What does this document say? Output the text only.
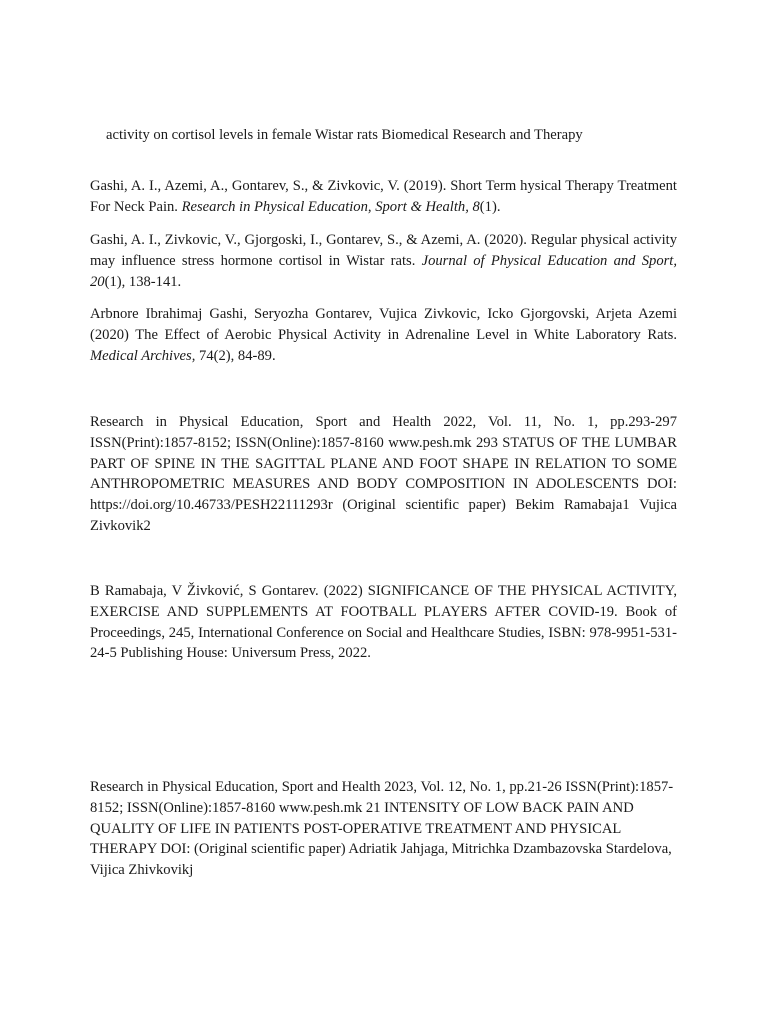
activity on cortisol levels in female Wistar rats Biomedical Research and Therapy

Gashi, A. I., Azemi, A., Gontarev, S., & Zivkovic, V. (2019). Short Term hysical Therapy Treatment For Neck Pain. Research in Physical Education, Sport & Health, 8(1).

Gashi, A. I., Zivkovic, V., Gjorgoski, I., Gontarev, S., & Azemi, A. (2020). Regular physical activity may influence stress hormone cortisol in Wistar rats. Journal of Physical Education and Sport, 20(1), 138-141.

Arbnore Ibrahimaj Gashi, Seryozha Gontarev, Vujica Zivkovic, Icko Gjorgovski, Arjeta Azemi (2020) The Effect of Aerobic Physical Activity in Adrenaline Level in White Laboratory Rats. Medical Archives, 74(2), 84-89.

Research in Physical Education, Sport and Health 2022, Vol. 11, No. 1, pp.293-297 ISSN(Print):1857-8152; ISSN(Online):1857-8160 www.pesh.mk 293 STATUS OF THE LUMBAR PART OF SPINE IN THE SAGITTAL PLANE AND FOOT SHAPE IN RELATION TO SOME ANTHROPOMETRIC MEASURES AND BODY COMPOSITION IN ADOLESCENTS DOI: https://doi.org/10.46733/PESH22111293r (Original scientific paper) Bekim Ramabaja1 Vujica Zivkovik2

B Ramabaja, V Živković, S Gontarev. (2022) SIGNIFICANCE OF THE PHYSICAL ACTIVITY, EXERCISE AND SUPPLEMENTS AT FOOTBALL PLAYERS AFTER COVID-19. Book of Proceedings, 245, International Conference on Social and Healthcare Studies, ISBN: 978-9951-531-24-5 Publishing House: Universum Press, 2022.

Research in Physical Education, Sport and Health 2023, Vol. 12, No. 1, pp.21-26 ISSN(Print):1857-8152; ISSN(Online):1857-8160 www.pesh.mk 21 INTENSITY OF LOW BACK PAIN AND QUALITY OF LIFE IN PATIENTS POST-OPERATIVE TREATMENT AND PHYSICAL THERAPY DOI: (Original scientific paper) Adriatik Jahjaga, Mitrichka Dzambazovska Stardelova, Vijica Zhivkovikj
